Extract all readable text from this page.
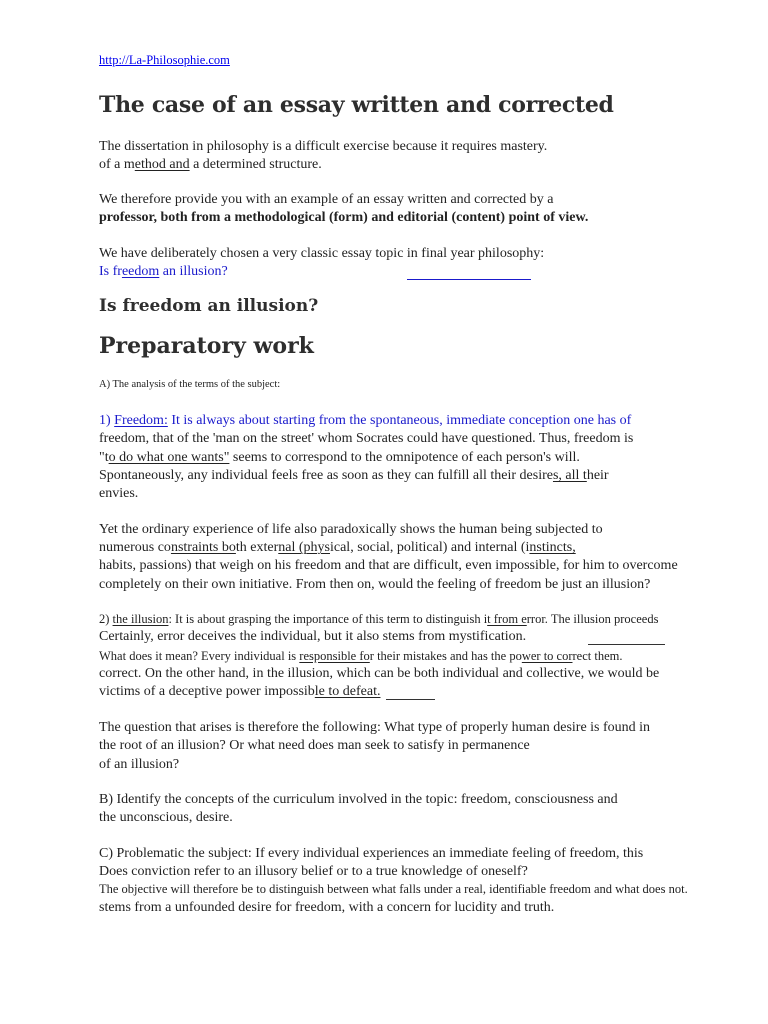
http://La-Philosophie.com
The case of an essay written and corrected
The dissertation in philosophy is a difficult exercise because it requires mastery.
of a method and a determined structure.
We therefore provide you with an example of an essay written and corrected by a
professor, both from a methodological (form) and editorial (content) point of view.
We have deliberately chosen a very classic essay topic in final year philosophy:
Is freedom an illusion?
Is freedom an illusion?
Preparatory work
A) The analysis of the terms of the subject:
1) Freedom: It is always about starting from the spontaneous, immediate conception one has of
freedom, that of the 'man on the street' whom Socrates could have questioned. Thus, freedom is
"to do what one wants" seems to correspond to the omnipotence of each person's will.
Spontaneously, any individual feels free as soon as they can fulfill all their desires, all their
envies.
Yet the ordinary experience of life also paradoxically shows the human being subjected to
numerous constraints both external (physical, social, political) and internal (instincts,
habits, passions) that weigh on his freedom and that are difficult, even impossible, for him to overcome
completely on their own initiative. From then on, would the feeling of freedom be just an illusion?
2) the illusion: It is about grasping the importance of this term to distinguish it from error. The illusion proceeds
Certainly, error deceives the individual, but it also stems from mystification.
What does it mean? Every individual is responsible for their mistakes and has the power to correct them.
correct. On the other hand, in the illusion, which can be both individual and collective, we would be
victims of a deceptive power impossible to defeat.
The question that arises is therefore the following: What type of properly human desire is found in
the root of an illusion? Or what need does man seek to satisfy in permanence
of an illusion?
B) Identify the concepts of the curriculum involved in the topic: freedom, consciousness and
the unconscious, desire.
C) Problematic the subject: If every individual experiences an immediate feeling of freedom, this
Does conviction refer to an illusory belief or to a true knowledge of oneself?
The objective will therefore be to distinguish between what falls under a real, identifiable freedom and what does not.
stems from a unfounded desire for freedom, with a concern for lucidity and truth.
